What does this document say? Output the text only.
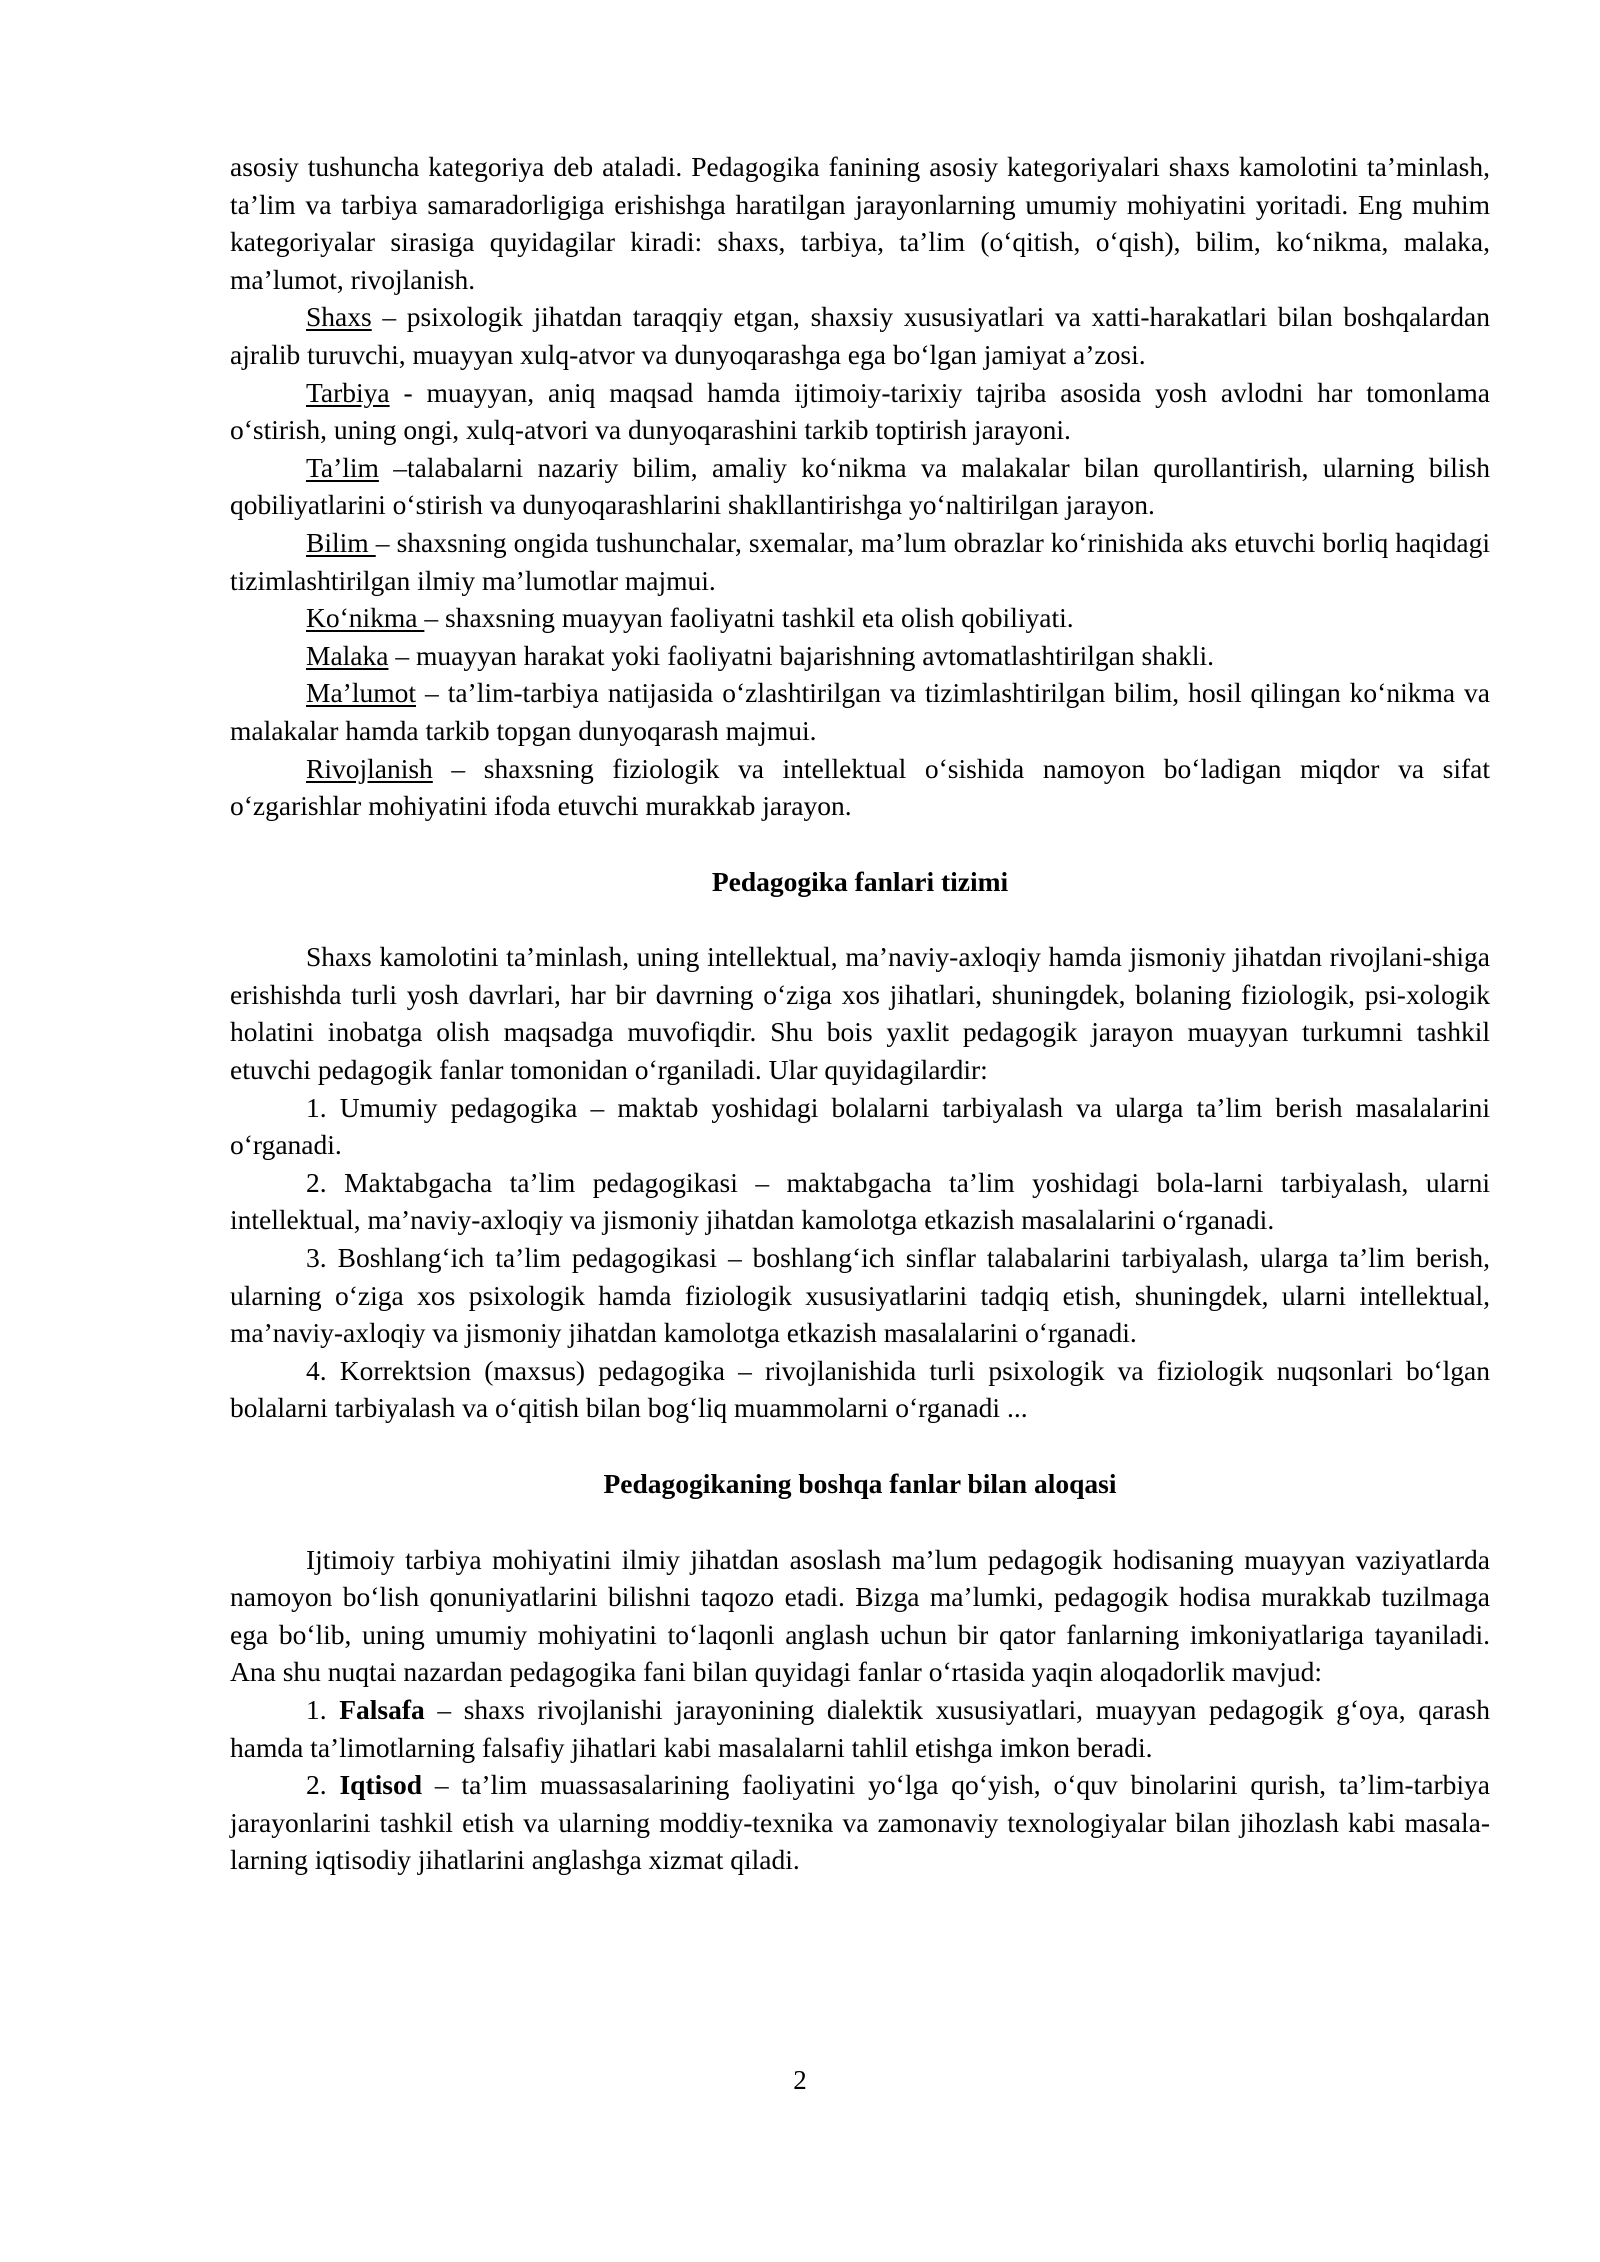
asosiy tushuncha kategoriya deb ataladi. Pedagogika fanining asosiy kategoriyalari shaxs kamolotini ta’minlash, ta’lim va tarbiya samaradorligiga erishishga haratilgan jarayonlarning umumiy mohiyatini yoritadi. Eng muhim kategoriyalar sirasiga quyidagilar kiradi: shaxs, tarbiya, ta’lim (o‘qitish, o‘qish), bilim, ko‘nikma, malaka, ma’lumot, rivojlanish.

Shaxs – psixologik jihatdan taraqqiy etgan, shaxsiy xususiyatlari va xatti-harakatlari bilan boshqalardan ajralib turuvchi, muayyan xulq-atvor va dunyoqarashga ega bo‘lgan jamiyat a’zosi.

Tarbiya - muayyan, aniq maqsad hamda ijtimoiy-tarixiy tajriba asosida yosh avlodni har tomonlama o‘stirish, uning ongi, xulq-atvori va dunyoqarashini tarkib toptirish jarayoni.

Ta’lim –talabalarni nazariy bilim, amaliy ko‘nikma va malakalar bilan qurollantirish, ularning bilish qobiliyatlarini o‘stirish va dunyoqarashlarini shakllantirishga yo‘naltirilgan jarayon.

Bilim – shaxsning ongida tushunchalar, sxemalar, ma’lum obrazlar ko‘rinishida aks etuvchi borliq haqidagi tizimlashtirilgan ilmiy ma’lumotlar majmui.

Ko‘nikma – shaxsning muayyan faoliyatni tashkil eta olish qobiliyati.

Malaka – muayyan harakat yoki faoliyatni bajarishning avtomatlashtirilgan shakli.

Ma’lumot – ta’lim-tarbiya natijasida o‘zlashtirilgan va tizimlashtirilgan bilim, hosil qilingan ko‘nikma va malakalar hamda tarkib topgan dunyoqarash majmui.

Rivojlanish – shaxsning fiziologik va intellektual o‘sishida namoyon bo‘ladigan miqdor va sifat o‘zgarishlar mohiyatini ifoda etuvchi murakkab jarayon.

Pedagogika fanlari tizimi

Shaxs kamolotini ta’minlash, uning intellektual, ma’naviy-axloqiy hamda jismoniy jihatdan rivojlani-shiga erishishda turli yosh davrlari, har bir davrning o‘ziga xos jihatlari, shuningdek, bolaning fiziologik, psi-xologik holatini inobatga olish maqsadga muvofiqdir. Shu bois yaxlit pedagogik jarayon muayyan turkumni tashkil etuvchi pedagogik fanlar tomonidan o‘rganiladi. Ular quyidagilardir:

1. Umumiy pedagogika – maktab yoshidagi bolalarni tarbiyalash va ularga ta’lim berish masalalarini o‘rganadi.

2. Maktabgacha ta’lim pedagogikasi – maktabgacha ta’lim yoshidagi bola-larni tarbiyalash, ularni intellektual, ma’naviy-axloqiy va jismoniy jihatdan kamolotga etkazish masalalarini o‘rganadi.

3. Boshlang‘ich ta’lim pedagogikasi – boshlang‘ich sinflar talabalarini tarbiyalash, ularga ta’lim berish, ularning o‘ziga xos psixologik hamda fiziologik xususiyatlarini tadqiq etish, shuningdek, ularni intellektual, ma’naviy-axloqiy va jismoniy jihatdan kamolotga etkazish masalalarini o‘rganadi.

4. Korrektsion (maxsus) pedagogika – rivojlanishida turli psixologik va fiziologik nuqsonlari bo‘lgan bolalarni tarbiyalash va o‘qitish bilan bog‘liq muammolarni o‘rganadi ...

Pedagogikaning boshqa fanlar bilan aloqasi

Ijtimoiy tarbiya mohiyatini ilmiy jihatdan asoslash ma’lum pedagogik hodisaning muayyan vaziyatlarda namoyon bo‘lish qonuniyatlarini bilishni taqozo etadi. Bizga ma’lumki, pedagogik hodisa murakkab tuzilmaga ega bo‘lib, uning umumiy mohiyatini to‘laqonli anglash uchun bir qator fanlarning imkoniyatlariga tayaniladi. Ana shu nuqtai nazardan pedagogika fani bilan quyidagi fanlar o‘rtasida yaqin aloqadorlik mavjud:

1. Falsafa – shaxs rivojlanishi jarayonining dialektik xususiyatlari, muayyan pedagogik g‘oya, qarash hamda ta’limotlarning falsafiy jihatlari kabi masalalarni tahlil etishga imkon beradi.

2. Iqtisod – ta’lim muassasalarining faoliyatini yo‘lga qo‘yish, o‘quv binolarini qurish, ta’lim-tarbiya jarayonlarini tashkil etish va ularning moddiy-texnika va zamonaviy texnologiyalar bilan jihozlash kabi masala-larning iqtisodiy jihatlarini anglashga xizmat qiladi.

2
